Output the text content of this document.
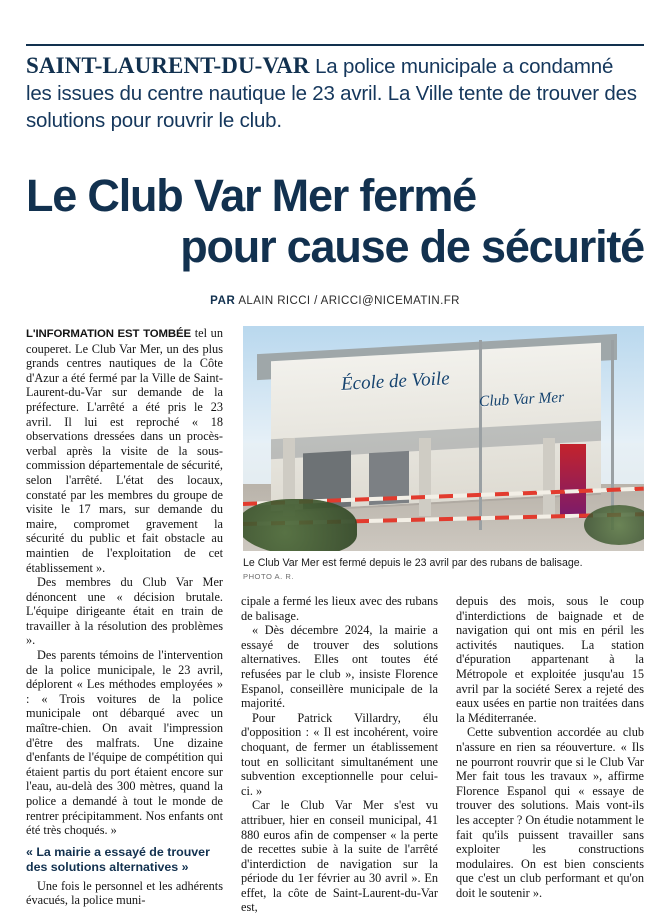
SAINT-LAURENT-DU-VAR La police municipale a condamné les issues du centre nautique le 23 avril. La Ville tente de trouver des solutions pour rouvrir le club.
Le Club Var Mer fermé
pour cause de sécurité
PAR ALAIN RICCI / ARICCI@NICEMATIN.FR
École de Voile
Club Var Mer
Le Club Var Mer est fermé depuis le 23 avril par des rubans de balisage.
PHOTO A. R.

L'INFORMATION EST TOMBÉE tel un couperet. Le Club Var Mer, un des plus grands centres nautiques de la Côte d'Azur a été fermé par la Ville de Saint-Laurent-du-Var sur demande de la préfecture. L'arrêté a été pris le 23 avril. Il lui est reproché « 18 observations dressées dans un procès-verbal après la visite de la sous-commission départementale de sécurité, selon l'arrêté. L'état des locaux, constaté par les membres du groupe de visite le 17 mars, sur demande du maire, compromet gravement la sécurité du public et fait obstacle au maintien de l'exploitation de cet établissement ».

Des membres du Club Var Mer dénoncent une « décision brutale. L'équipe dirigeante était en train de travailler à la résolution des problèmes ».

Des parents témoins de l'intervention de la police municipale, le 23 avril, déplorent « Les méthodes employées » : « Trois voitures de la police municipale ont débarqué avec un maître-chien. On avait l'impression d'être des malfrats. Une dizaine d'enfants de l'équipe de compétition qui étaient partis du port étaient encore sur l'eau, au-delà des 300 mètres, quand la police a demandé à tout le monde de rentrer précipitamment. Nos enfants ont été très choqués. »

« La mairie a essayé de trouver des solutions alternatives »

Une fois le personnel et les adhérents évacués, la police muni-

cipale a fermé les lieux avec des rubans de balisage.

« Dès décembre 2024, la mairie a essayé de trouver des solutions alternatives. Elles ont toutes été refusées par le club », insiste Florence Espanol, conseillère municipale de la majorité.

Pour Patrick Villardry, élu d'opposition : « Il est incohérent, voire choquant, de fermer un établissement tout en sollicitant simultanément une subvention exceptionnelle pour celui-ci. »

Car le Club Var Mer s'est vu attribuer, hier en conseil municipal, 41 880 euros afin de compenser « la perte de recettes subie à la suite de l'arrêté d'interdiction de navigation sur la période du 1er février au 30 avril ». En effet, la côte de Saint-Laurent-du-Var est,

depuis des mois, sous le coup d'interdictions de baignade et de navigation qui ont mis en péril les activités nautiques. La station d'épuration appartenant à la Métropole et exploitée jusqu'au 15 avril par la société Serex a rejeté des eaux usées en partie non traitées dans la Méditerranée.

Cette subvention accordée au club n'assure en rien sa réouverture. « Ils ne pourront rouvrir que si le Club Var Mer fait tous les travaux », affirme Florence Espanol qui « essaye de trouver des solutions. Mais vont-ils les accepter ? On étudie notamment le fait qu'ils puissent travailler sans exploiter les constructions modulaires. On est bien conscients que c'est un club performant et qu'on doit le soutenir ».
